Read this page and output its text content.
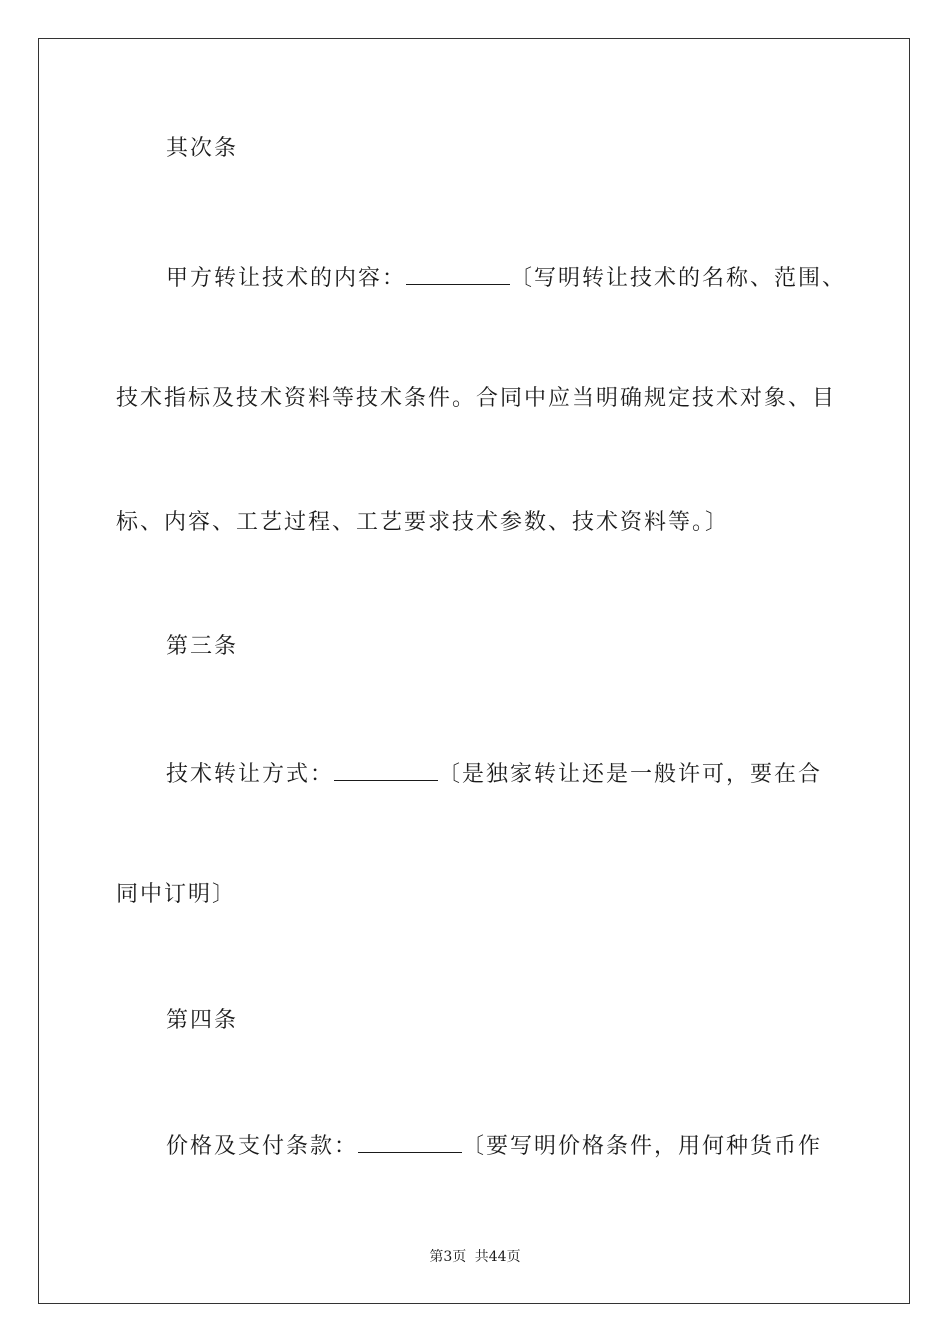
其次条
甲方转让技术的内容：	〔写明转让技术的名称、范围、
技术指标及技术资料等技术条件。合同中应当明确规定技术对象、目
标、内容、工艺过程、工艺要求技术参数、技术资料等。〕
第三条
技术转让方式：	〔是独家转让还是一般许可，要在合
同中订明〕
第四条
价格及支付条款：	〔要写明价格条件，用何种货币作
第3页 共44页
